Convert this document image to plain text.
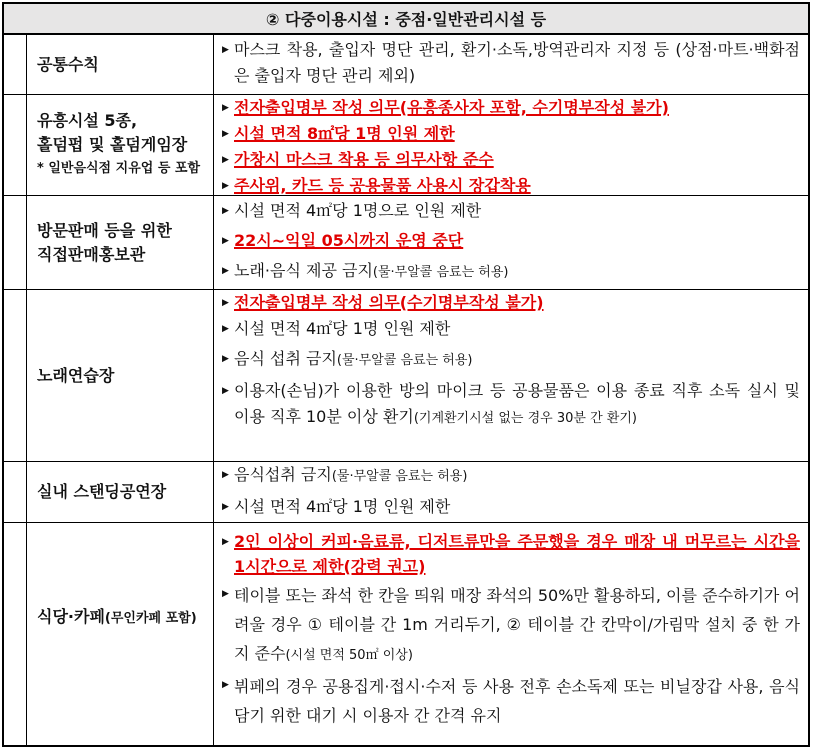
② 다중이용시설 : 중점·일반관리시설 등
공통수칙
▶ 마스크 착용, 출입자 명단 관리, 환기·소독,방역관리자 지정 등 (상점·마트·백화점은 출입자 명단 관리 제외)
유흥시설 5종,
홀덤펍 및 홀덤게임장
* 일반음식점 지유업 등 포함
▶ 전자출입명부 작성 의무(유흥종사자 포함, 수기명부작성 불가)
▶ 시설 면적 8㎡당 1명 인원 제한
▶ 가창시 마스크 착용 등 의무사항 준수
▶ 주사위, 카드 등 공용물품 사용시 장갑착용
방문판매 등을 위한
직접판매홍보관
▶ 시설 면적 4㎡당 1명으로 인원 제한
▶ 22시~익일 05시까지 운영 중단
▶ 노래·음식 제공 금지(물·무알콜 음료는 허용)
노래연습장
▶ 전자출입명부 작성 의무(수기명부작성 불가)
▶ 시설 면적 4㎡당 1명 인원 제한
▶ 음식 섭취 금지(물·무알콜 음료는 허용)
▶ 이용자(손님)가 이용한 방의 마이크 등 공용물품은 이용 종료 직후 소독 실시 및 이용 직후 10분 이상 환기(기계환기시설 없는 경우 30분 간 환기)
실내 스탠딩공연장
▶ 음식섭취 금지(물·무알콜 음료는 허용)
▶ 시설 면적 4㎡당 1명 인원 제한
식당·카페(무인카페 포함)
▶ 2인 이상이 커피·음료류, 디저트류만을 주문했을 경우 매장 내 머무르는 시간을 1시간으로 제한(강력 권고)
▶ 테이블 또는 좌석 한 칸을 띄워 매장 좌석의 50%만 활용하되, 이를 준수하기가 어려울 경우 ① 테이블 간 1m 거리두기, ② 테이블 간 칸막이/가림막 설치 중 한 가지 준수(시설 면적 50㎡ 이상)
▶ 뷔페의 경우 공용집게·접시·수저 등 사용 전후 손소독제 또는 비닐장갑 사용, 음식 담기 위한 대기 시 이용자 간 간격 유지
